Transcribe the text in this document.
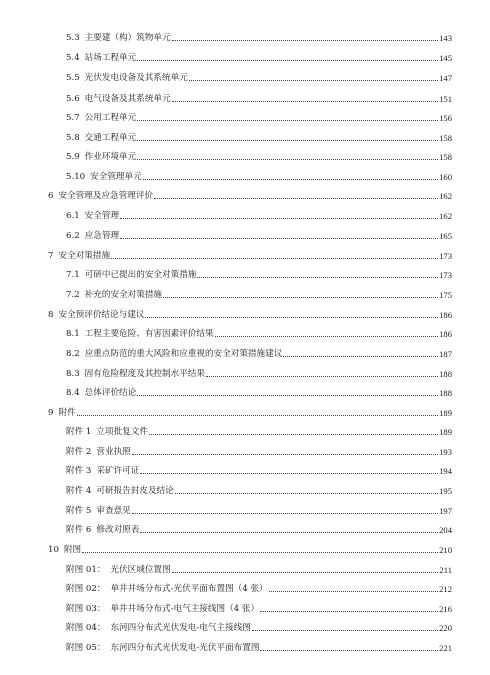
5.3 主要建（构）筑物单元	143
5.4 站场工程单元	145
5.5 光伏发电设备及其系统单元	147
5.6 电气设备及其系统单元	151
5.7 公用工程单元	156
5.8 交通工程单元	158
5.9 作业环境单元	158
5.10 安全管理单元	160
6 安全管理及应急管理评价	162
6.1 安全管理	162
6.2 应急管理	165
7 安全对策措施	173
7.1 可研中已提出的安全对策措施	173
7.2 补充的安全对策措施	175
8 安全预评价结论与建议	186
8.1 工程主要危险、有害因素评价结果	186
8.2 应重点防范的重大风险和应重视的安全对策措施建议	187
8.3 固有危险程度及其控制水平结果	188
8.4 总体评价结论	188
9 附件	189
附件 1 立项批复文件	189
附件 2 营业执照	193
附件 3 采矿许可证	194
附件 4 可研报告封皮及结论	195
附件 5 审查意见	197
附件 6 修改对照表	204
10 附图	210
附图 01： 光伏区域位置图	211
附图 02： 单井井场分布式-光伏平面布置图（4 张）	212
附图 03： 单井井场分布式-电气主接线图（4 张）	216
附图 04： 东河四分布式光伏发电-电气主接线图	220
附图 05： 东河四分布式光伏发电-光伏平面布置图	221
